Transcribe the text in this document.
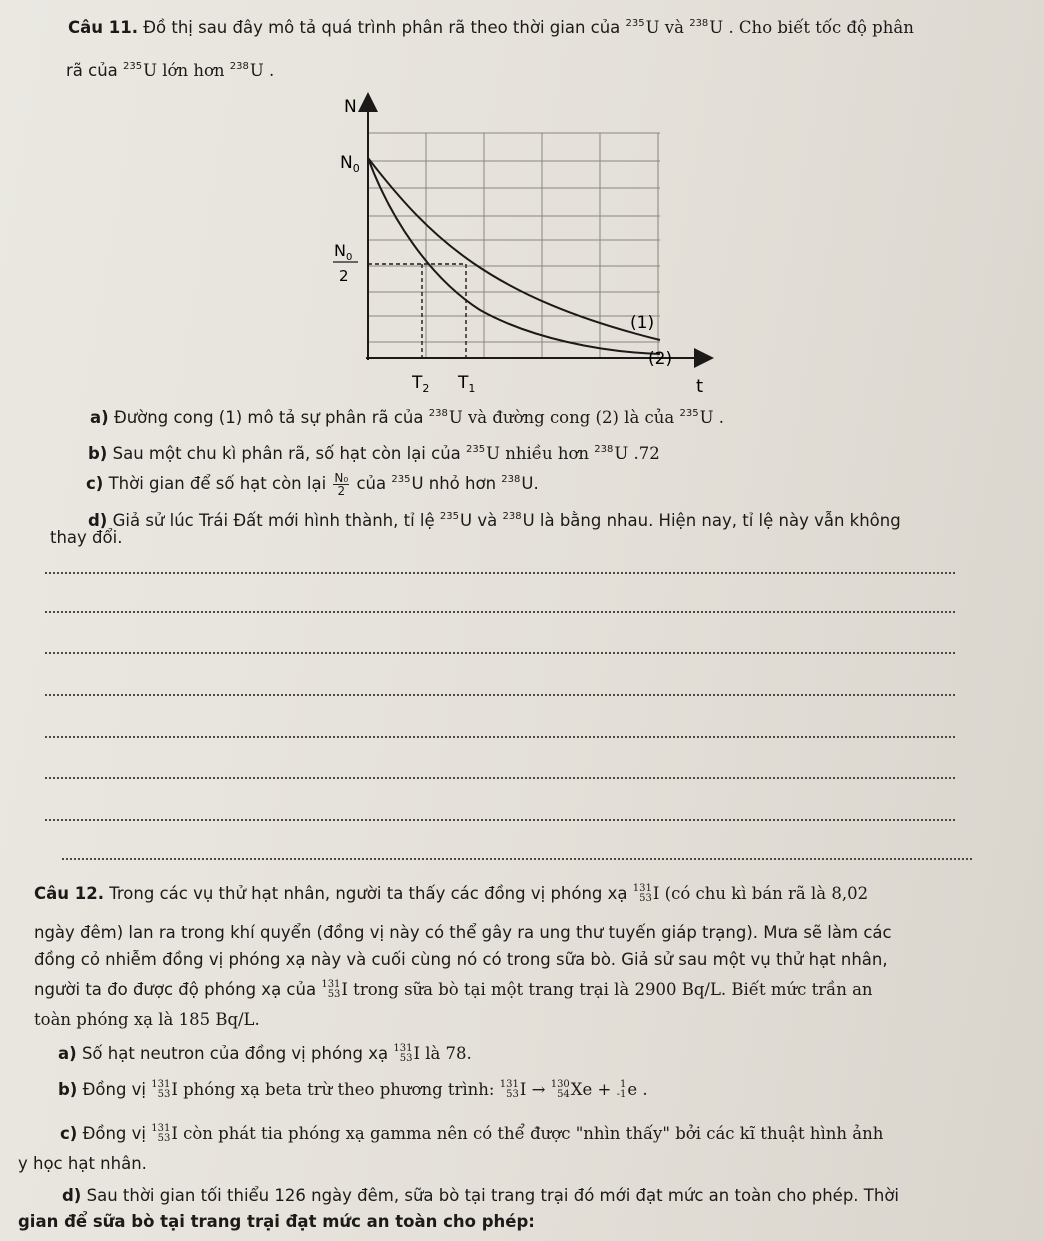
Câu 11. Đồ thị sau đây mô tả quá trình phân rã theo thời gian của $^{235}$U và $^{238}$U . Cho biết tốc độ phân
rã của $^{235}$U lớn hơn $^{238}$U .
N
$N_0$
$N_0$
2
$T_2$ $T_1$	t
(1)
(2)
a) Đường cong (1) mô tả sự phân rã của $^{238}$U và đường cong (2) là của $^{235}$U .
b) Sau một chu kì phân rã, số hạt còn lại của $^{235}$U nhiều hơn $^{238}$U .72
c) Thời gian để số hạt còn lại $\frac{\text{N₀}}{2}$ của $^{235}$U nhỏ hơn $^{238}$U.
d) Giả sử lúc Trái Đất mới hình thành, tỉ lệ $^{235}$U và $^{238}$U là bằng nhau. Hiện nay, tỉ lệ này vẫn không
thay đổi.
Câu 12. Trong các vụ thử hạt nhân, người ta thấy các đồng vị phóng xạ 131
53 I (có chu kì bán rã là 8,02
ngày đêm) lan ra trong khí quyển (đồng vị này có thể gây ra ung thư tuyến giáp trạng). Mưa sẽ làm các
đồng cỏ nhiễm đồng vị phóng xạ này và cuối cùng nó có trong sữa bò. Giả sử sau một vụ thử hạt nhân,
người ta đo được độ phóng xạ của 131
53 I trong sữa bò tại một trang trại là 2900 Bq/L. Biết mức trần an
toàn phóng xạ là 185 Bq/L.
a) Số hạt neutron của đồng vị phóng xạ 131
53 I là 78.
b) Đồng vị 131
53 I phóng xạ beta trừ theo phương trình: 131
53 I → 130
54 Xe + 1
-1 e .
c) Đồng vị 131
53 I còn phát tia phóng xạ gamma nên có thể được "nhìn thấy" bởi các kĩ thuật hình ảnh
y học hạt nhân.
d) Sau thời gian tối thiểu 126 ngày đêm, sữa bò tại trang trại đó mới đạt mức an toàn cho phép. Thời
gian để sữa bò tại trang trại đạt mức an toàn cho phép:
